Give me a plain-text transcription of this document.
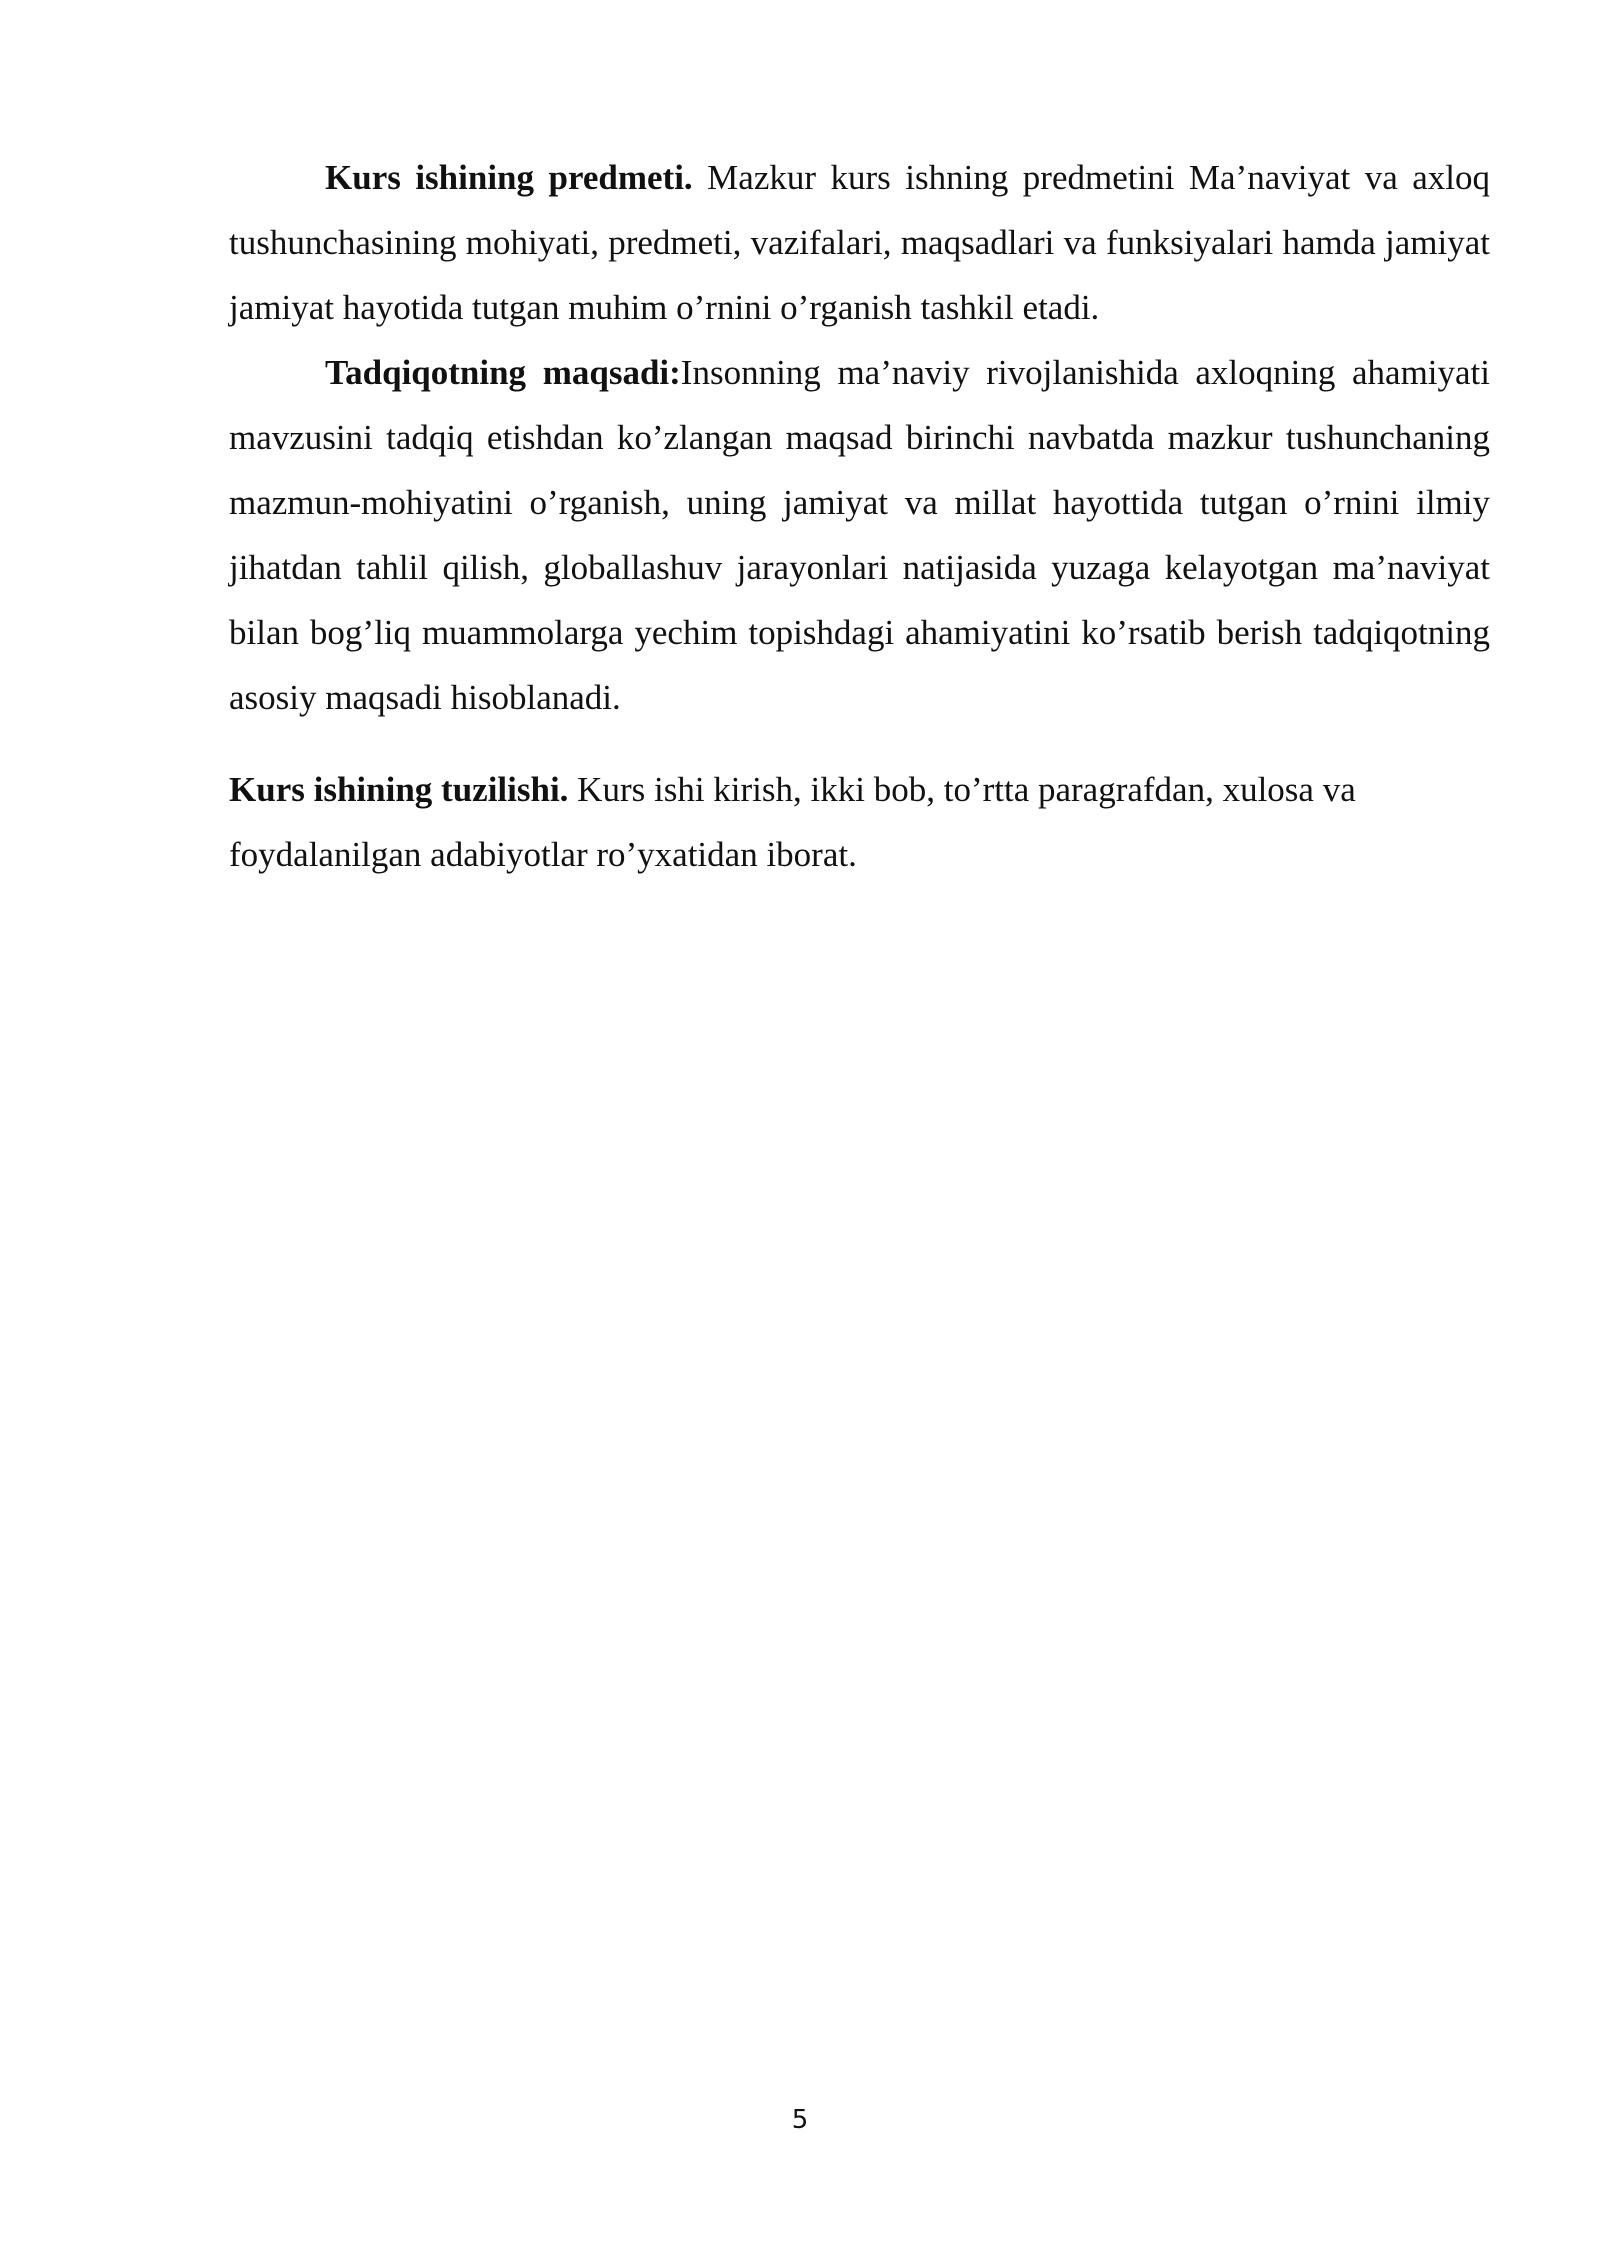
Kurs ishining predmeti. Mazkur kurs ishning predmetini Ma’naviyat va axloq tushunchasining mohiyati, predmeti, vazifalari, maqsadlari va funksiyalari hamda jamiyat jamiyat hayotida tutgan muhim o’rnini o’rganish tashkil etadi.

Tadqiqotning maqsadi:Insonning ma’naviy rivojlanishida axloqning ahamiyati mavzusini tadqiq etishdan ko’zlangan maqsad birinchi navbatda mazkur tushunchaning mazmun-mohiyatini o’rganish, uning jamiyat va millat hayottida tutgan o’rnini ilmiy jihatdan tahlil qilish, globallashuv jarayonlari natijasida yuzaga kelayotgan ma’naviyat bilan bog’liq muammolarga yechim topishdagi ahamiyatini ko’rsatib berish tadqiqotning asosiy maqsadi hisoblanadi.

Kurs ishining tuzilishi. Kurs ishi kirish, ikki bob, to’rtta paragrafdan, xulosa va foydalanilgan adabiyotlar ro’yxatidan iborat.

5
